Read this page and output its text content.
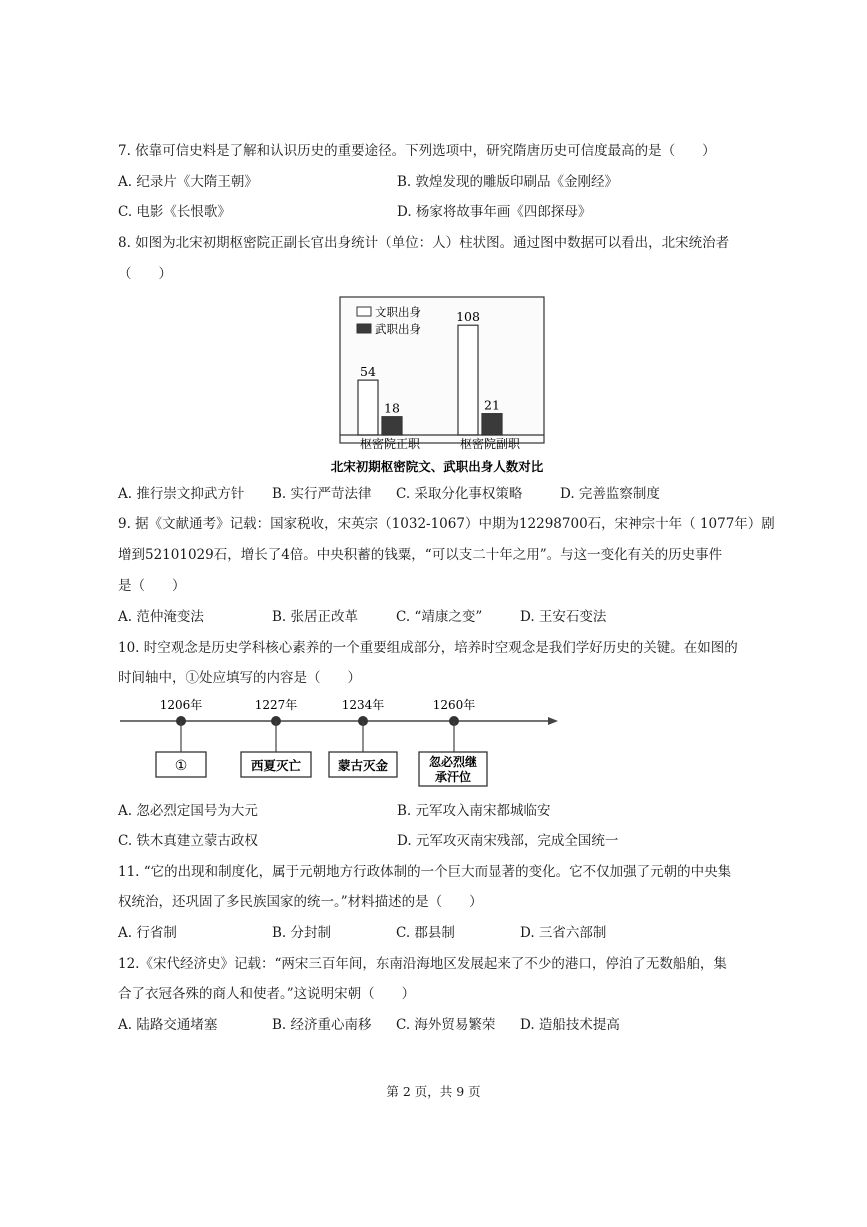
7. 依靠可信史料是了解和认识历史的重要途径。下列选项中，研究隋唐历史可信度最高的是（　　）
A. 纪录片《大隋王朝》	B. 敦煌发现的雕版印刷品《金刚经》
C. 电影《长恨歌》	D. 杨家将故事年画《四郎探母》
8. 如图为北宋初期枢密院正副长官出身统计（单位：人）柱状图。通过图中数据可以看出，北宋统治者
（　　）
文职出身
武职出身
54
18
108
21
枢密院正职	枢密院副职
北宋初期枢密院文、武职出身人数对比
A. 推行崇文抑武方针 B. 实行严苛法律 C. 采取分化事权策略	D. 完善监察制度
9. 据《文献通考》记载：国家税收，宋英宗（1032-1067）中期为12298700石，宋神宗十年（ 1077年）剧
增到52101029石，增长了4倍。中央积蓄的钱粟，“可以支二十年之用”。与这一变化有关的历史事件
是（　　）
A. 范仲淹变法	B. 张居正改革	C. “靖康之变”	D. 王安石变法
10. 时空观念是历史学科核心素养的一个重要组成部分，培养时空观念是我们学好历史的关键。在如图的
时间轴中，①处应填写的内容是（　　）
1206年	1227年	1234年	1260年
①	西夏灭亡	蒙古灭金	忽必烈继
承汗位
A. 忽必烈定国号为大元	B. 元军攻入南宋都城临安
C. 铁木真建立蒙古政权	D. 元军攻灭南宋残部，完成全国统一
11. “它的出现和制度化，属于元朝地方行政体制的一个巨大而显著的变化。它不仅加强了元朝的中央集
权统治，还巩固了多民族国家的统一。”材料描述的是（　　）
A. 行省制	B. 分封制	C. 郡县制	D. 三省六部制
12.《宋代经济史》记载：“两宋三百年间，东南沿海地区发展起来了不少的港口，停泊了无数船舶，集
合了衣冠各殊的商人和使者。”这说明宋朝（　　）
A. 陆路交通堵塞	B. 经济重心南移 C. 海外贸易繁荣 D. 造船技术提高
第 2 页，共 9 页
